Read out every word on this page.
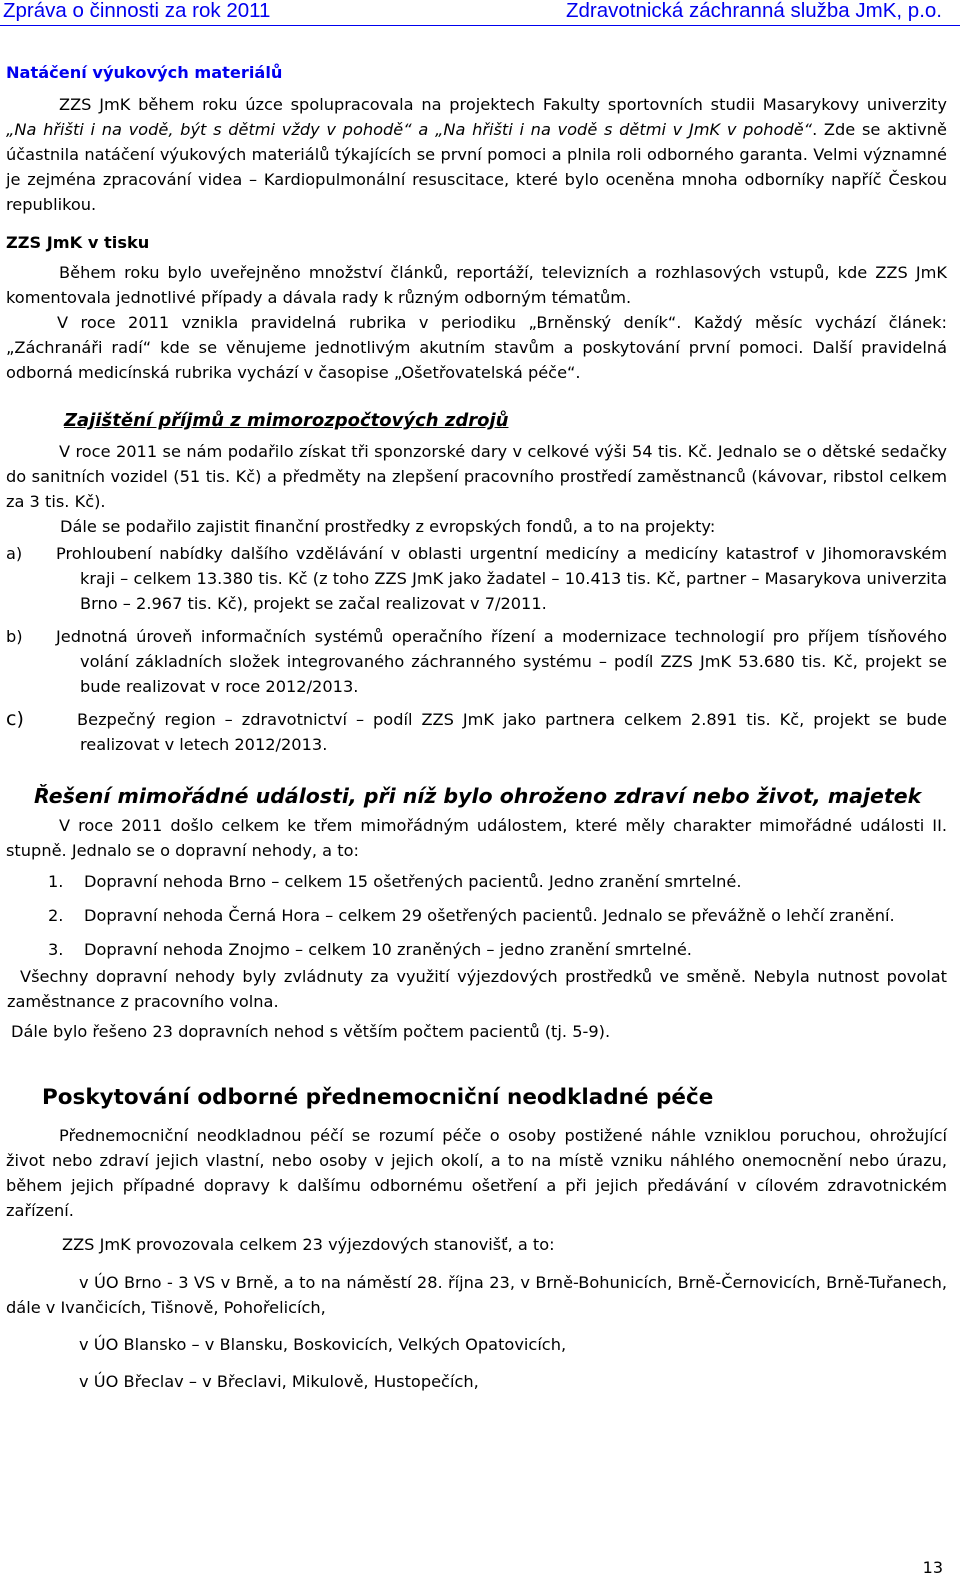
Zpráva o činnosti za rok 2011	Zdravotnická záchranná služba JmK, p.o.

Natáčení výukových materiálů

ZZS JmK během roku úzce spolupracovala na projektech Fakulty sportovních studii Masarykovy univerzity „Na hřišti i na vodě, být s dětmi vždy v pohodě“ a „Na hřišti i na vodě s dětmi v JmK v pohodě“. Zde se aktivně účastnila natáčení výukových materiálů týkajících se první pomoci a plnila roli odborného garanta. Velmi významné je zejména zpracování videa – Kardiopulmonální resuscitace, které bylo oceněna mnoha odborníky napříč Českou republikou.

ZZS JmK v tisku

Během roku bylo uveřejněno množství článků, reportáží, televizních a rozhlasových vstupů, kde ZZS JmK komentovala jednotlivé případy a dávala rady k různým odborným tématům.

V roce 2011 vznikla pravidelná rubrika v periodiku „Brněnský deník“. Každý měsíc vychází článek: „Záchranáři radí“ kde se věnujeme jednotlivým akutním stavům a poskytování první pomoci. Další pravidelná odborná medicínská rubrika vychází v časopise „Ošetřovatelská péče“.

Zajištění příjmů z mimorozpočtových zdrojů

V roce 2011 se nám podařilo získat tři sponzorské dary v celkové výši 54 tis. Kč. Jednalo se o dětské sedačky do sanitních vozidel (51 tis. Kč) a předměty na zlepšení pracovního prostředí zaměstnanců (kávovar, ribstol celkem za 3 tis. Kč).

Dále se podařilo zajistit finanční prostředky z evropských fondů, a to na projekty:

a) Prohloubení nabídky dalšího vzdělávání v oblasti urgentní medicíny a medicíny katastrof v Jihomoravském kraji – celkem 13.380 tis. Kč (z toho ZZS JmK jako žadatel – 10.413 tis. Kč, partner – Masarykova univerzita Brno – 2.967 tis. Kč), projekt se začal realizovat v 7/2011.
b) Jednotná úroveň informačních systémů operačního řízení a modernizace technologií pro příjem tísňového volání základních složek integrovaného záchranného systému – podíl ZZS JmK 53.680 tis. Kč, projekt se bude realizovat v roce 2012/2013.
c)	Bezpečný region – zdravotnictví – podíl ZZS JmK jako partnera celkem 2.891 tis. Kč, projekt se bude realizovat v letech 2012/2013.

Řešení mimořádné události, při níž bylo ohroženo zdraví nebo život, majetek

V roce 2011 došlo celkem ke třem mimořádným událostem, které měly charakter mimořádné události II. stupně. Jednalo se o dopravní nehody, a to:

1.	Dopravní nehoda Brno – celkem 15 ošetřených pacientů. Jedno zranění smrtelné.
2.	Dopravní nehoda Černá Hora – celkem 29 ošetřených pacientů. Jednalo se převážně o lehčí zranění.
3.	Dopravní nehoda Znojmo – celkem 10 zraněných – jedno zranění smrtelné.

Všechny dopravní nehody byly zvládnuty za využití výjezdových prostředků ve směně. Nebyla nutnost povolat zaměstnance z pracovního volna.

Dále bylo řešeno 23 dopravních nehod s větším počtem pacientů (tj. 5-9).

Poskytování odborné přednemocniční neodkladné péče

Přednemocniční neodkladnou péčí se rozumí péče o osoby postižené náhle vzniklou poruchou, ohrožující život nebo zdraví jejich vlastní, nebo osoby v jejich okolí, a to na místě vzniku náhlého onemocnění nebo úrazu, během jejich případné dopravy k dalšímu odbornému ošetření a při jejich předávání v cílovém zdravotnickém zařízení.

ZZS JmK provozovala celkem 23 výjezdových stanovišť, a to:

v ÚO Brno - 3 VS v Brně, a to na náměstí 28. října 23, v Brně-Bohunicích, Brně-Černovicích, Brně-Tuřanech, dále v Ivančicích, Tišnově, Pohořelicích,

v ÚO Blansko – v Blansku, Boskovicích, Velkých Opatovicích,

v ÚO Břeclav – v Břeclavi, Mikulově, Hustopečích,

13
